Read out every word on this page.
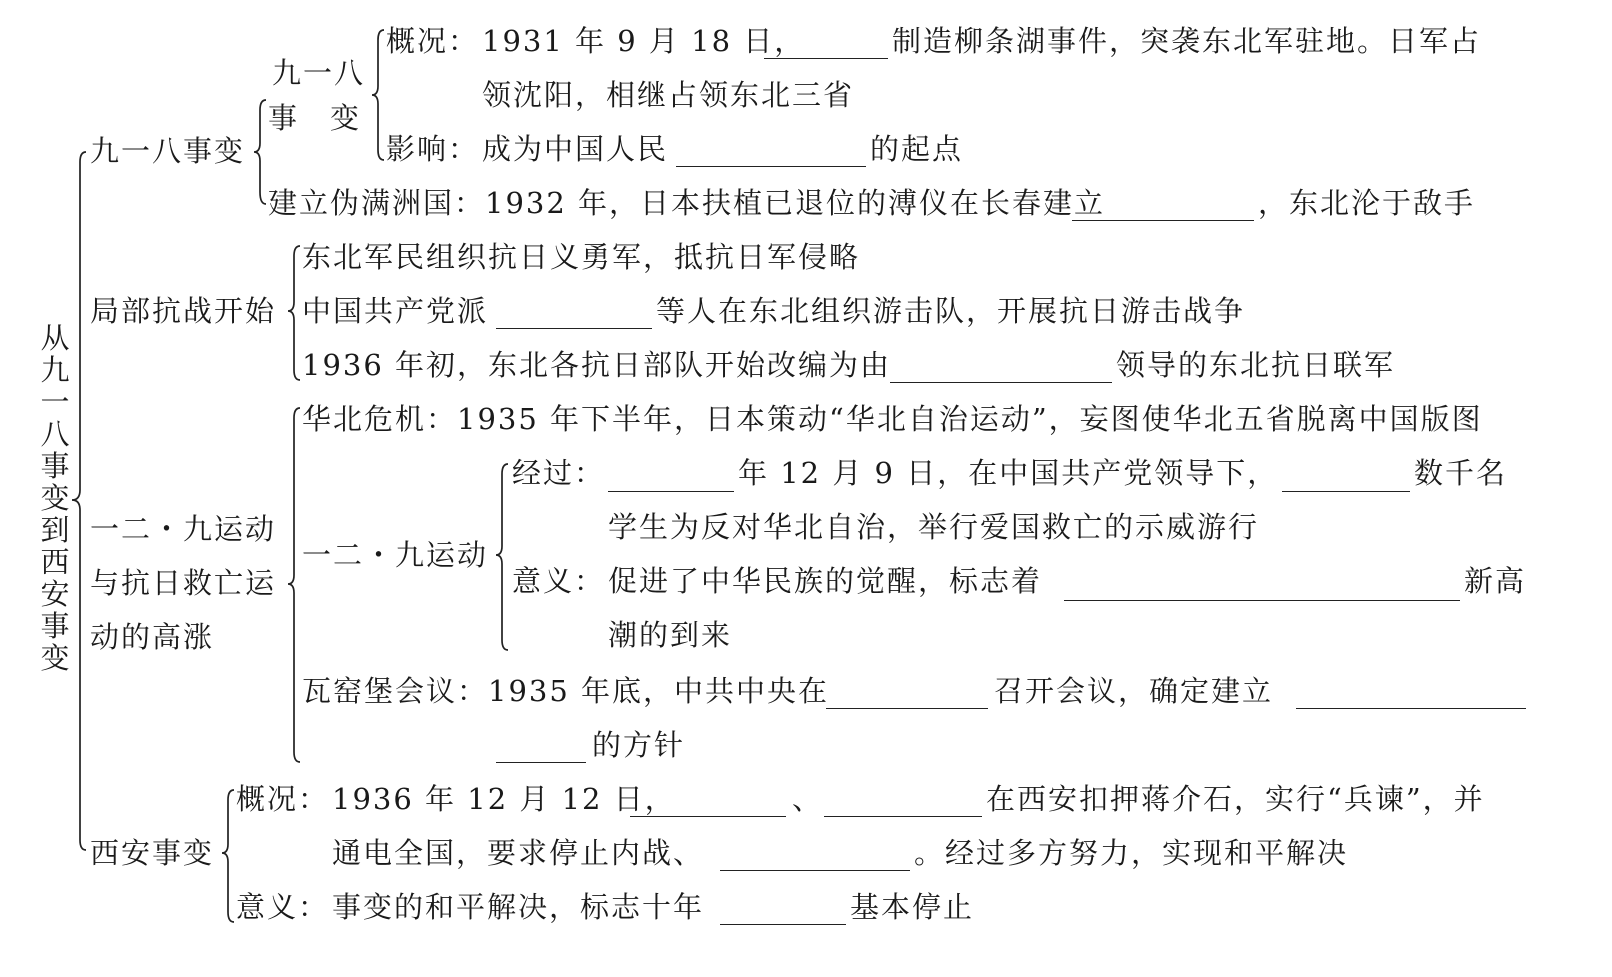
从
九
一
八
事
变
到
西
安
事
变
九一八事变
九一八
事　变
概况： 1931 年 9 月 18 日，	制造柳条湖事件，突袭东北军驻地。日军占
领沈阳，相继占领东北三省
影响： 成为中国人民	的起点
建立伪满洲国：1932 年，日本扶植已退位的溥仪在长春建立	，东北沦于敌手
局部抗战开始
东北军民组织抗日义勇军，抵抗日军侵略
中国共产党派	等人在东北组织游击队，开展抗日游击战争
1936 年初，东北各抗日部队开始改编为由	领导的东北抗日联军
一二・九运动
与抗日救亡运
动的高涨
华北危机：1935 年下半年，日本策动“华北自治运动”，妄图使华北五省脱离中国版图
一二・九运动
经过：	年 12 月 9 日，在中国共产党领导下，	数千名
学生为反对华北自治，举行爱国救亡的示威游行
意义： 促进了中华民族的觉醒，标志着	新高
潮的到来
瓦窑堡会议：1935 年底，中共中央在	召开会议，确定建立
的方针
西安事变
概况： 1936 年 12 月 12 日，	、	在西安扣押蒋介石，实行“兵谏”，并
通电全国，要求停止内战、	。经过多方努力，实现和平解决
意义： 事变的和平解决，标志十年	基本停止
